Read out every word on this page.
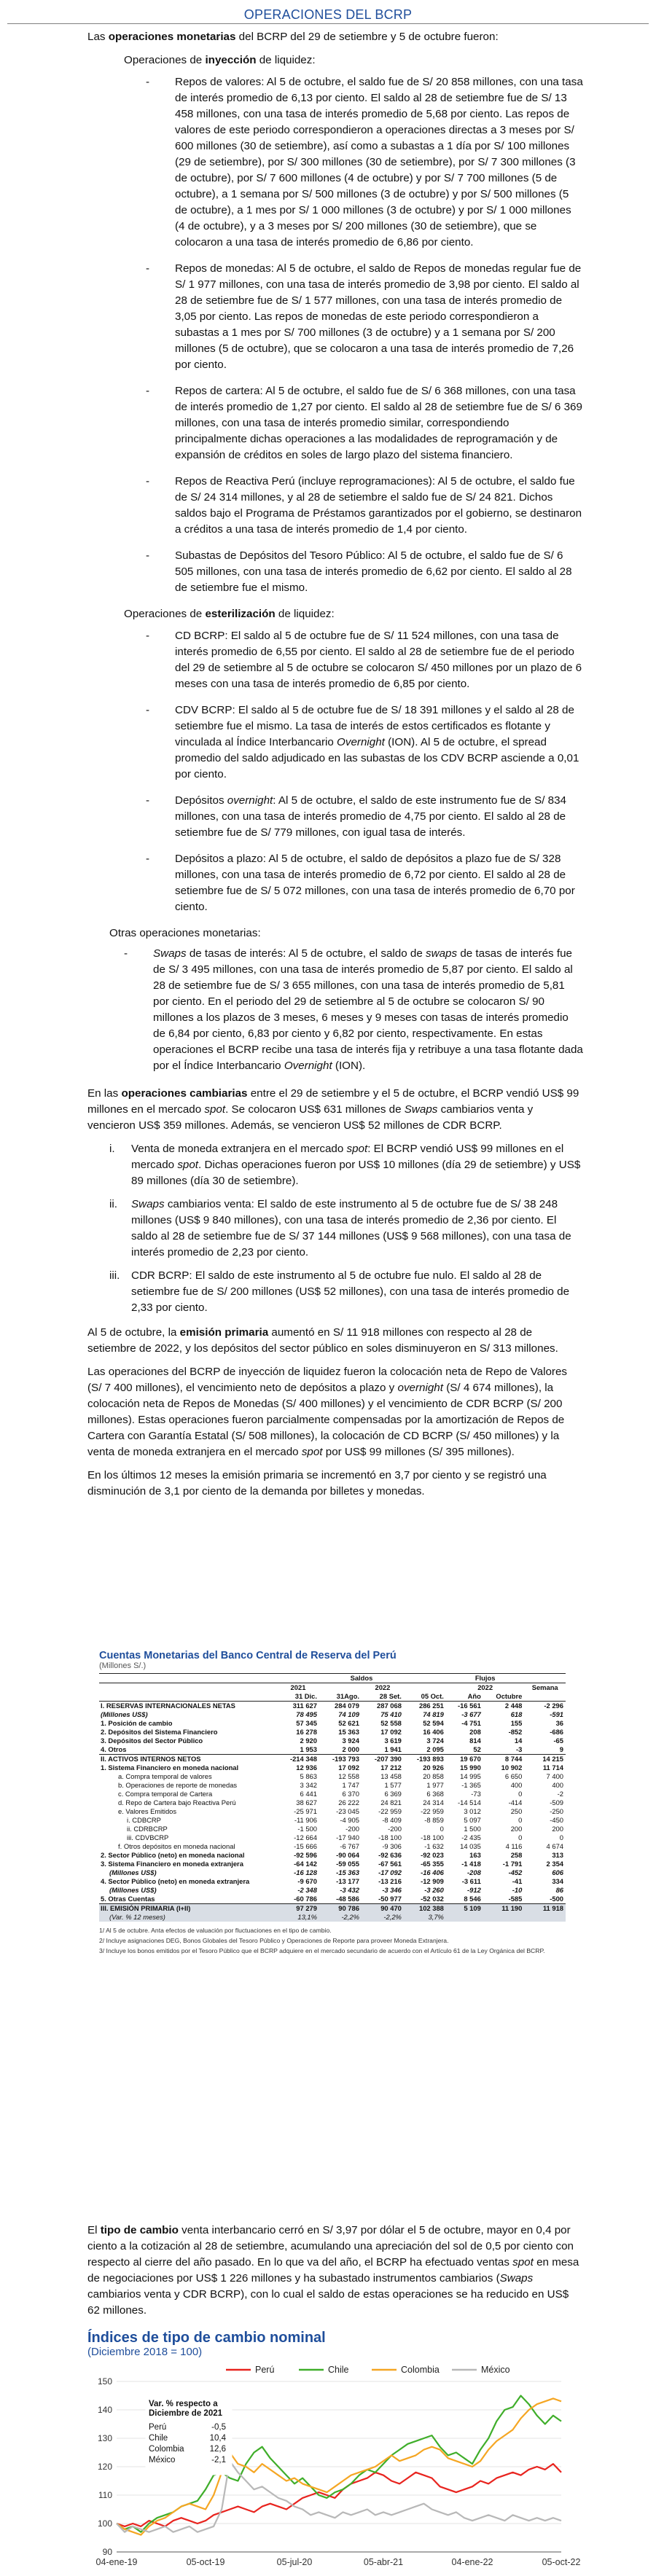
OPERACIONES DEL BCRP

Las operaciones monetarias del BCRP del 29 de setiembre y 5 de octubre fueron:

Operaciones de inyección de liquidez:

- Repos de valores: Al 5 de octubre, el saldo fue de S/ 20 858 millones, con una tasa de interés promedio de 6,13 por ciento. El saldo al 28 de setiembre fue de S/ 13 458 millones, con una tasa de interés promedio de 5,68 por ciento. Las repos de valores de este periodo correspondieron a operaciones directas a 3 meses por S/ 600 millones (30 de setiembre), así como a subastas a 1 día por S/ 100 millones (29 de setiembre), por S/ 300 millones (30 de setiembre), por S/ 7 300 millones (3 de octubre), por S/ 7 600 millones (4 de octubre) y por S/ 7 700 millones (5 de octubre), a 1 semana por S/ 500 millones (3 de octubre) y por S/ 500 millones (5 de octubre), a 1 mes por S/ 1 000 millones (3 de octubre) y por S/ 1 000 millones (4 de octubre), y a 3 meses por S/ 200 millones (30 de setiembre), que se colocaron a una tasa de interés promedio de 6,86 por ciento.
- Repos de monedas: Al 5 de octubre, el saldo de Repos de monedas regular fue de S/ 1 977 millones, con una tasa de interés promedio de 3,98 por ciento. El saldo al 28 de setiembre fue de S/ 1 577 millones, con una tasa de interés promedio de 3,05 por ciento. Las repos de monedas de este periodo correspondieron a subastas a 1 mes por S/ 700 millones (3 de octubre) y a 1 semana por S/ 200 millones (5 de octubre), que se colocaron a una tasa de interés promedio de 7,26 por ciento.
- Repos de cartera: Al 5 de octubre, el saldo fue de S/ 6 368 millones, con una tasa de interés promedio de 1,27 por ciento. El saldo al 28 de setiembre fue de S/ 6 369 millones, con una tasa de interés promedio similar, correspondiendo principalmente dichas operaciones a las modalidades de reprogramación y de expansión de créditos en soles de largo plazo del sistema financiero.
- Repos de Reactiva Perú (incluye reprogramaciones): Al 5 de octubre, el saldo fue de S/ 24 314 millones, y al 28 de setiembre el saldo fue de S/ 24 821. Dichos saldos bajo el Programa de Préstamos garantizados por el gobierno, se destinaron a créditos a una tasa de interés promedio de 1,4 por ciento.
- Subastas de Depósitos del Tesoro Público: Al 5 de octubre, el saldo fue de S/ 6 505 millones, con una tasa de interés promedio de 6,62 por ciento. El saldo al 28 de setiembre fue el mismo.

Operaciones de esterilización de liquidez:

- CD BCRP: El saldo al 5 de octubre fue de S/ 11 524 millones, con una tasa de interés promedio de 6,55 por ciento. El saldo al 28 de setiembre fue de el periodo del 29 de setiembre al 5 de octubre se colocaron S/ 450 millones por un plazo de 6 meses con una tasa de interés promedio de 6,85 por ciento.
- CDV BCRP: El saldo al 5 de octubre fue de S/ 18 391 millones y el saldo al 28 de setiembre fue el mismo. La tasa de interés de estos certificados es flotante y vinculada al Índice Interbancario Overnight (ION). Al 5 de octubre, el spread promedio del saldo adjudicado en las subastas de los CDV BCRP asciende a 0,01 por ciento.
- Depósitos overnight: Al 5 de octubre, el saldo de este instrumento fue de S/ 834 millones, con una tasa de interés promedio de 4,75 por ciento. El saldo al 28 de setiembre fue de S/ 779 millones, con igual tasa de interés.
- Depósitos a plazo: Al 5 de octubre, el saldo de depósitos a plazo fue de S/ 328 millones, con una tasa de interés promedio de 6,72 por ciento. El saldo al 28 de setiembre fue de S/ 5 072 millones, con una tasa de interés promedio de 6,70 por ciento.

Otras operaciones monetarias:

- Swaps de tasas de interés: Al 5 de octubre, el saldo de swaps de tasas de interés fue de S/ 3 495 millones, con una tasa de interés promedio de 5,87 por ciento. El saldo al 28 de setiembre fue de S/ 3 655 millones, con una tasa de interés promedio de 5,81 por ciento. En el periodo del 29 de setiembre al 5 de octubre se colocaron S/ 90 millones a los plazos de 3 meses, 6 meses y 9 meses con tasas de interés promedio de 6,84 por ciento, 6,83 por ciento y 6,82 por ciento, respectivamente. En estas operaciones el BCRP recibe una tasa de interés fija y retribuye a una tasa flotante dada por el Índice Interbancario Overnight (ION).

En las operaciones cambiarias entre el 29 de setiembre y el 5 de octubre, el BCRP vendió US$ 99 millones en el mercado spot. Se colocaron US$ 631 millones de Swaps cambiarios venta y vencieron US$ 359 millones. Además, se vencieron US$ 52 millones de CDR BCRP.

i. Venta de moneda extranjera en el mercado spot: El BCRP vendió US$ 99 millones en el mercado spot. Dichas operaciones fueron por US$ 10 millones (día 29 de setiembre) y US$ 89 millones (día 30 de setiembre).
ii. Swaps cambiarios venta: El saldo de este instrumento al 5 de octubre fue de S/ 38 248 millones (US$ 9 840 millones), con una tasa de interés promedio de 2,36 por ciento. El saldo al 28 de setiembre fue de S/ 37 144 millones (US$ 9 568 millones), con una tasa de interés promedio de 2,23 por ciento.
iii. CDR BCRP: El saldo de este instrumento al 5 de octubre fue nulo. El saldo al 28 de setiembre fue de S/ 200 millones (US$ 52 millones), con una tasa de interés promedio de 2,33 por ciento.

Al 5 de octubre, la emisión primaria aumentó en S/ 11 918 millones con respecto al 28 de setiembre de 2022, y los depósitos del sector público en soles disminuyeron en S/ 313 millones.

Las operaciones del BCRP de inyección de liquidez fueron la colocación neta de Repo de Valores (S/ 7 400 millones), el vencimiento neto de depósitos a plazo y overnight (S/ 4 674 millones), la colocación neta de Repos de Monedas (S/ 400 millones) y el vencimiento de CDR BCRP (S/ 200 millones). Estas operaciones fueron parcialmente compensadas por la amortización de Repos de Cartera con Garantía Estatal (S/ 508 millones), la colocación de CD BCRP (S/ 450 millones) y la venta de moneda extranjera en el mercado spot por US$ 99 millones (S/ 395 millones).

En los últimos 12 meses la emisión primaria se incrementó en 3,7 por ciento y se registró una disminución de 3,1 por ciento de la demanda por billetes y monedas.

Cuentas Monetarias del Banco Central de Reserva del Perú
(Millones S/.)
	Saldos				Flujos		
	2021	2022			2022		Semana
	31 Dic.	31Ago.	28 Set.	05 Oct.	Año	Octubre	
I. RESERVAS INTERNACIONALES NETAS	311 627	284 079	287 068	286 251	-16 561	2 448	-2 296
(Millones US$)	78 495	74 109	75 410	74 819	-3 677	618	-591
1. Posición de cambio	57 345	52 621	52 558	52 594	-4 751	155	36
2. Depósitos del Sistema Financiero	16 278	15 363	17 092	16 406	208	-852	-686
3. Depósitos del Sector Público	2 920	3 924	3 619	3 724	814	14	-65
4. Otros	1 953	2 000	1 941	2 095	52	-3	9
II. ACTIVOS INTERNOS NETOS	-214 348	-193 793	-207 390	-193 893	19 670	8 744	14 215
1. Sistema Financiero en moneda nacional	12 936	17 092	17 212	20 926	15 990	10 902	11 714
a. Compra temporal de valores	5 863	12 558	13 458	20 858	14 995	6 650	7 400
b. Operaciones de reporte de monedas	3 342	1 747	1 577	1 977	-1 365	400	400
c. Compra temporal de Cartera	6 441	6 370	6 369	6 368	-73	0	-2
d. Repo de Cartera bajo Reactiva Perú	38 627	26 222	24 821	24 314	-14 514	-414	-509
e. Valores Emitidos	-25 971	-23 045	-22 959	-22 959	3 012	250	-250
i. CDBCRP	-11 906	-4 905	-8 409	-8 859	5 097	0	-450
ii. CDRBCRP	-1 500	-200	-200	0	1 500	200	200
iii. CDVBCRP	-12 664	-17 940	-18 100	-18 100	-2 435	0	0
f. Otros depósitos en moneda nacional	-15 666	-6 767	-9 306	-1 632	14 035	4 116	4 674
2. Sector Público (neto) en moneda nacional	-92 596	-90 064	-92 636	-92 023	163	258	313
3. Sistema Financiero en moneda extranjera	-64 142	-59 055	-67 561	-65 355	-1 418	-1 791	2 354
(Millones US$)	-16 128	-15 363	-17 092	-16 406	-208	-452	606
4. Sector Público (neto) en moneda extranjera	-9 670	-13 177	-13 216	-12 909	-3 611	-41	334
(Millones US$)	-2 348	-3 432	-3 346	-3 260	-912	-10	86
5. Otras Cuentas	-60 786	-48 586	-50 977	-52 032	8 546	-585	-500
III. EMISIÓN PRIMARIA (I+II)	97 279	90 786	90 470	102 388	5 109	11 190	11 918
(Var. % 12 meses)	13,1%	-2,2%	-2,2%	3,7%			
1/ Al 5 de octubre. Anta efectos de valuación por fluctuaciones en el tipo de cambio.
2/ Incluye asignaciones DEG, Bonos Globales del Tesoro Público y Operaciones de Reporte para proveer Moneda Extranjera.
3/ Incluye los bonos emitidos por el Tesoro Público que el BCRP adquiere en el mercado secundario de acuerdo con el Artículo 61 de la Ley Orgánica del BCRP.
El tipo de cambio venta interbancario cerró en S/ 3,97 por dólar el 5 de octubre, mayor en 0,4 por ciento a la cotización al 28 de setiembre, acumulando una apreciación del sol de 0,5 por ciento con respecto al cierre del año pasado. En lo que va del año, el BCRP ha efectuado ventas spot en mesa de negociaciones por US$ 1 226 millones y ha subastado instrumentos cambiarios (Swaps cambiarios venta y CDR BCRP), con lo cual el saldo de estas operaciones se ha reducido en US$ 62 millones.
Índices de tipo de cambio nominal
(Diciembre 2018 = 100)
90
100
110
120
130
140
150
04-ene-19	05-oct-19	05-jul-20	05-abr-21	04-ene-22	05-oct-22
Perú	Chile	Colombia	México
Var. % respecto a Diciembre de 2021
Perú	-0,5
Chile	10,4
Colombia	12,6
México	-2,1
